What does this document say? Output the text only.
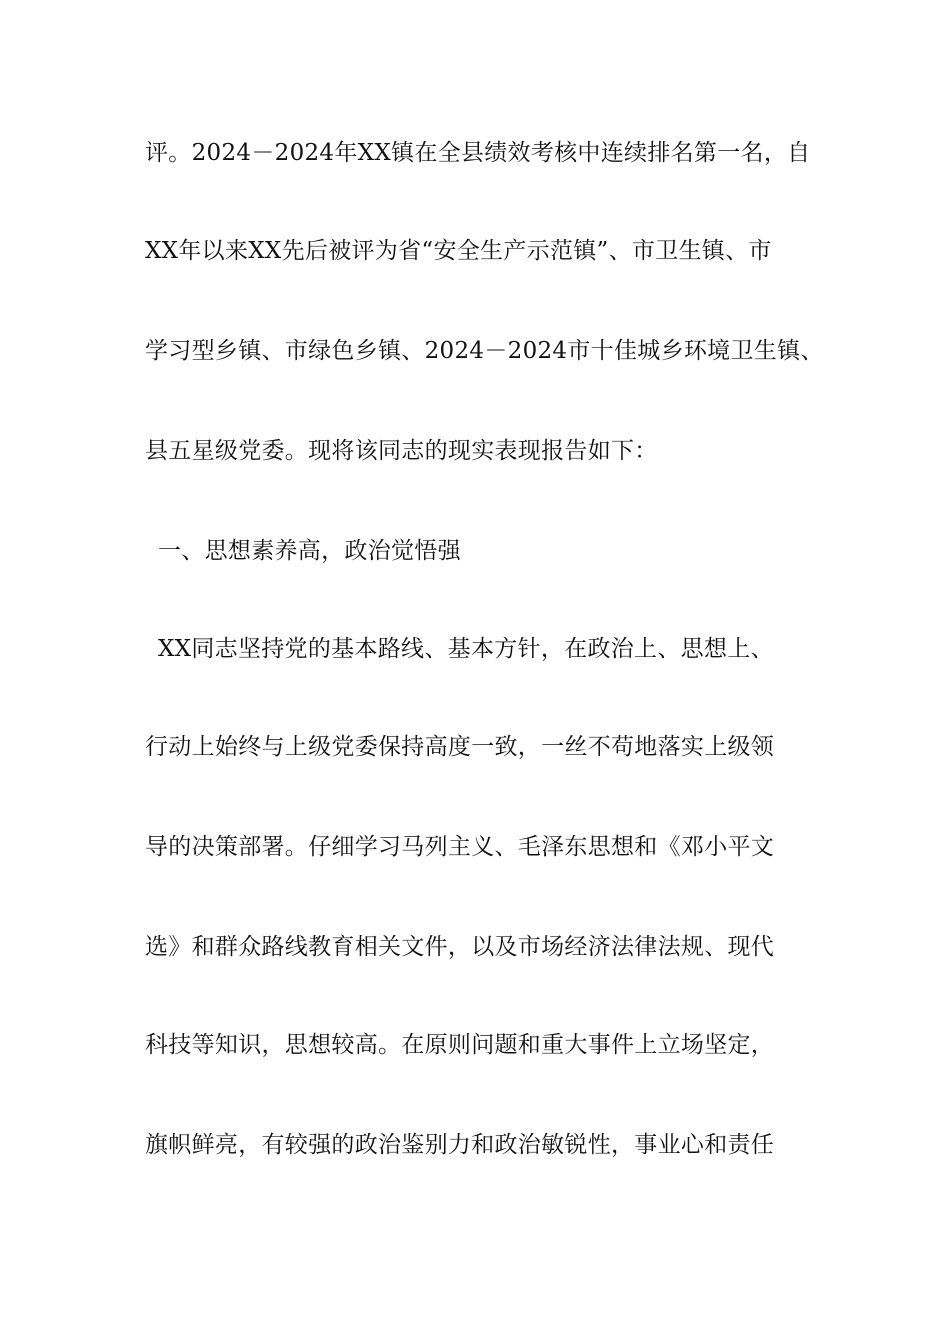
评。2024－2024年XX镇在全县绩效考核中连续排名第一名，自
XX年以来XX先后被评为省“安全生产示范镇”、市卫生镇、市
学习型乡镇、市绿色乡镇、2024－2024市十佳城乡环境卫生镇、
县五星级党委。现将该同志的现实表现报告如下：
一、思想素养高，政治觉悟强
XX同志坚持党的基本路线、基本方针，在政治上、思想上、
行动上始终与上级党委保持高度一致，一丝不苟地落实上级领
导的决策部署。仔细学习马列主义、毛泽东思想和《邓小平文
选》和群众路线教育相关文件，以及市场经济法律法规、现代
科技等知识，思想较高。在原则问题和重大事件上立场坚定，
旗帜鲜亮，有较强的政治鉴别力和政治敏锐性，事业心和责任
